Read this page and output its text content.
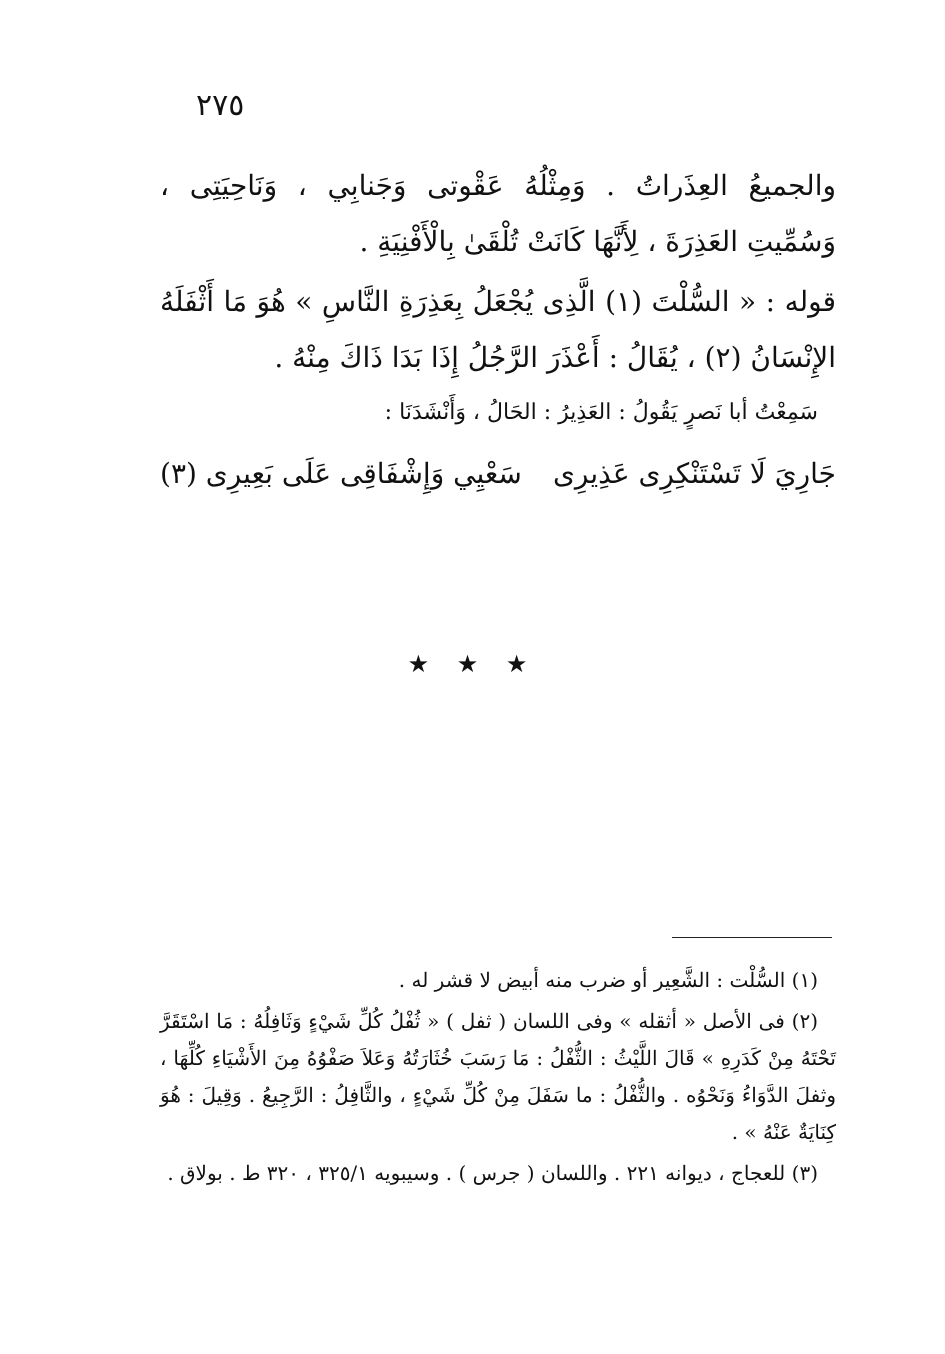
٢٧٥

والجميعُ العِذَراتُ . وَمِثْلُهُ عَقْوتى وَجَنابِي ، وَنَاحِيَتِى ، وَسُمِّيتِ العَذِرَةَ ، لِأَنَّهَا كَانَتْ تُلْقَىٰ بِالْأَفْنِيَةِ .

قوله : « السُّلْتَ (١) الَّذِى يُجْعَلُ بِعَذِرَةِ النَّاسِ » هُوَ مَا أَثْفَلَهُ الإِنْسَانُ (٢) ، يُقَالُ : أَعْذَرَ الرَّجُلُ إِذَا بَدَا ذَاكَ مِنْهُ .

سَمِعْتُ أبا نَصرٍ يَقُولُ : العَذِيرُ : الحَالُ ، وَأَنْشَدَنَا :

جَارِيَ لَا تَسْتَنْكِرِى عَذِيرِى
سَعْيِي وَإِشْفَاقِى عَلَى بَعِيرِى (٣)
★ ★ ★

(١) السُّلْت : الشَّعِير أو ضرب منه أبيض لا قشر له .

(٢) فى الأصل « أثقله » وفى اللسان ( ثفل ) « ثُفْلُ كُلِّ شَيْءٍ وَثَافِلُهُ : مَا اسْتَقَرَّ تَحْتَهُ مِنْ كَدَرِهِ » قَالَ اللَّيْثُ : الثُّفْلُ : مَا رَسَبَ خُثَارَتُهُ وَعَلاَ صَفْوُهُ مِنَ الأَشْيَاءِ كُلِّهَا ، وثفلَ الدَّوَاءُ وَنَحْوُه . والثُّفْلُ : ما سَفَلَ مِنْ كُلِّ شَيْءٍ ، والثَّافِلُ : الرَّجِيعُ . وَقِيلَ : هُوَ كِنَايَةٌ عَنْهُ » .

(٣) للعجاج ، ديوانه ٢٢١ . واللسان ( جرس ) . وسيبويه ٣٢٥/١ ، ٣٢٠ ط . بولاق .
